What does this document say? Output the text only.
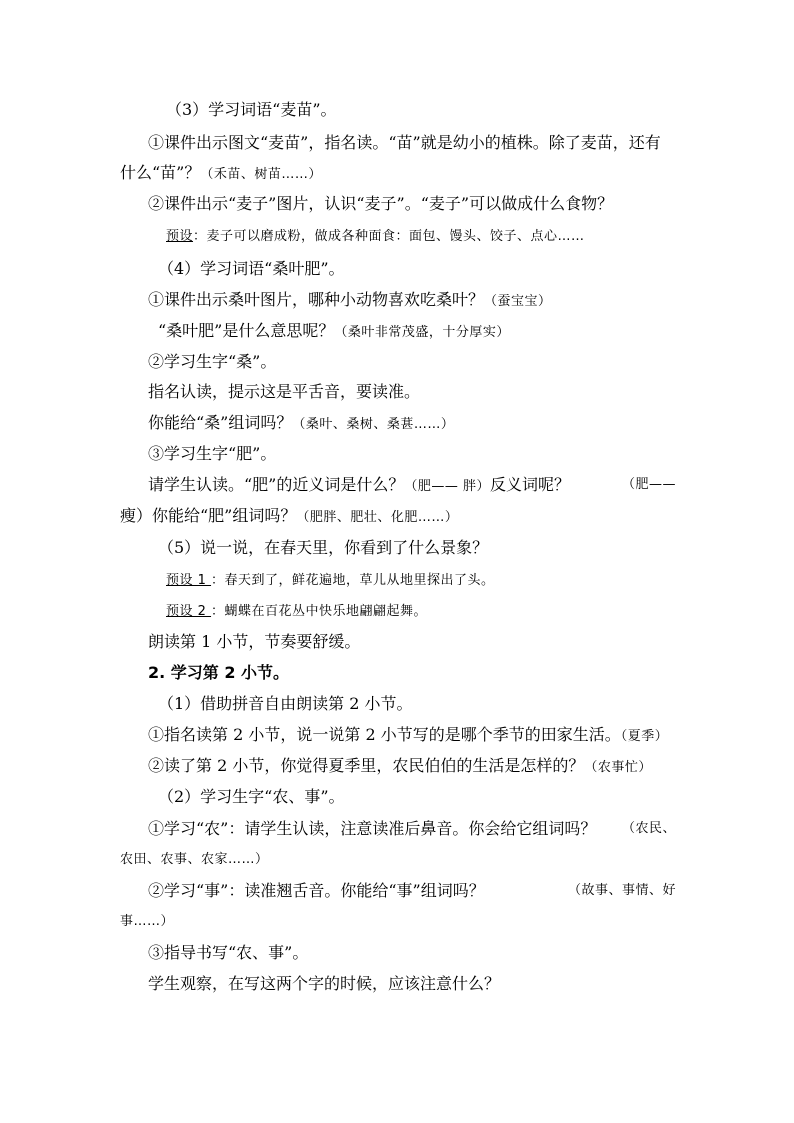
（3）学习词语“麦苗”。
①课件出示图文“麦苗”，指名读。“苗”就是幼小的植株。除了麦苗，还有
什么“苗”？（禾苗、树苗……）
②课件出示“麦子”图片，认识“麦子”。“麦子”可以做成什么食物？
预设：麦子可以磨成粉，做成各种面食：面包、馒头、饺子、点心……
（4）学习词语“桑叶肥”。
①课件出示桑叶图片，哪种小动物喜欢吃桑叶？（蚕宝宝）
“桑叶肥”是什么意思呢？（桑叶非常茂盛，十分厚实）
②学习生字“桑”。
指名认读，提示这是平舌音，要读准。
你能给“桑”组词吗？（桑叶、桑树、桑葚……）
③学习生字“肥”。
请学生认读。“肥”的近义词是什么？（肥—— 胖）反义词呢？	（肥——
瘦）你能给“肥”组词吗？（肥胖、肥壮、化肥……）
（5）说一说，在春天里，你看到了什么景象？
预设 1 ：春天到了，鲜花遍地，草儿从地里探出了头。
预设 2 ：蝴蝶在百花丛中快乐地翩翩起舞。
朗读第 1 小节，节奏要舒缓。
2. 学习第 2 小节。
（1）借助拼音自由朗读第 2 小节。
①指名读第 2 小节，说一说第 2 小节写的是哪个季节的田家生活。（夏季）
②读了第 2 小节，你觉得夏季里，农民伯伯的生活是怎样的？（农事忙）
（2）学习生字“农、事”。
①学习“农”：请学生认读，注意读准后鼻音。你会给它组词吗？ （农民、
农田、农事、农家……）
②学习“事”：读准翘舌音。你能给“事”组词吗？	（故事、事情、好
事……）
③指导书写“农、事”。
学生观察，在写这两个字的时候，应该注意什么？
